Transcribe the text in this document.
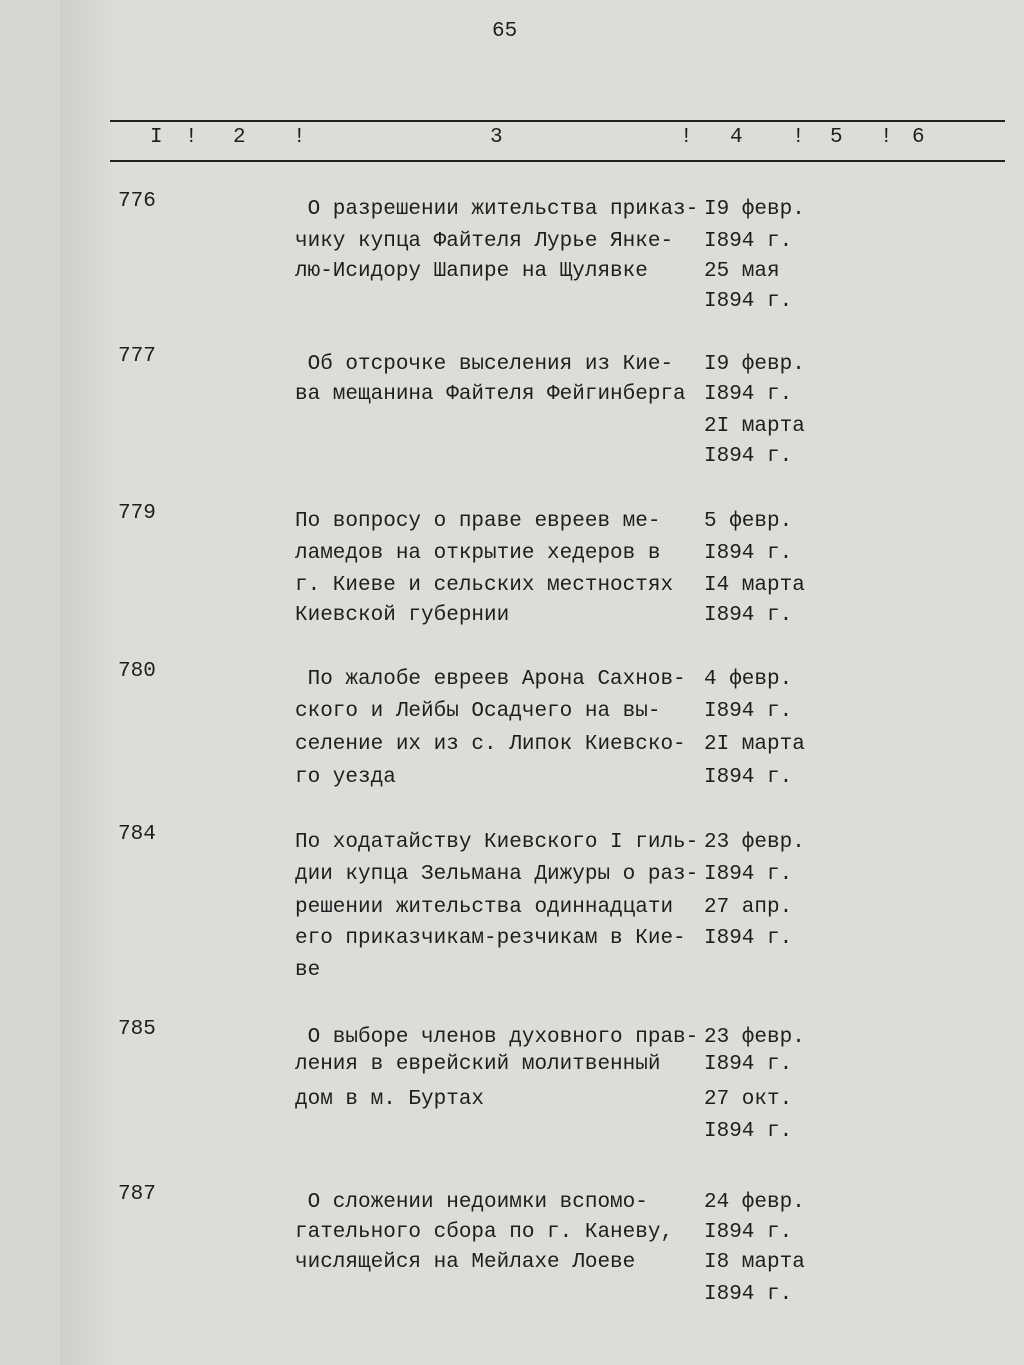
65
I ! 2 !	3	! 4 ! 5 ! 6
776	О разрешении жительства приказ- I9 февр.
чику купца Файтеля Лурье Янке- I894 г.
лю-Исидору Шапире на Щулявке	25 мая
I894 г.
777	Об отсрочке выселения из Кие- I9 февр.
ва мещанина Файтеля Фейгинберга I894 г.
2I марта
I894 г.
779	По вопросу о праве евреев ме- 5 февр.
ламедов на открытие хедеров в I894 г.
г. Киеве и сельских местностях I4 марта
Киевской губернии	I894 г.
780	По жалобе евреев Арона Сахнов- 4 февр.
ского и Лейбы Осадчего на вы- I894 г.
селение их из с. Липок Киевско- 2I марта
го уезда	I894 г.
784	По ходатайству Киевского I гиль- 23 февр.
дии купца Зельмана Дижуры о раз- I894 г.
решении жительства одиннадцати 27 апр.
его приказчикам-резчикам в Кие- I894 г.
ве
785	О выборе членов духовного прав- 23 февр.
ления в еврейский молитвенный I894 г.
дом в м. Буртах	27 окт.
I894 г.
787	О сложении недоимки вспомо-	24 февр.
гательного сбора по г. Каневу, I894 г.
числящейся на Мейлахе Лоеве	I8 марта
I894 г.
